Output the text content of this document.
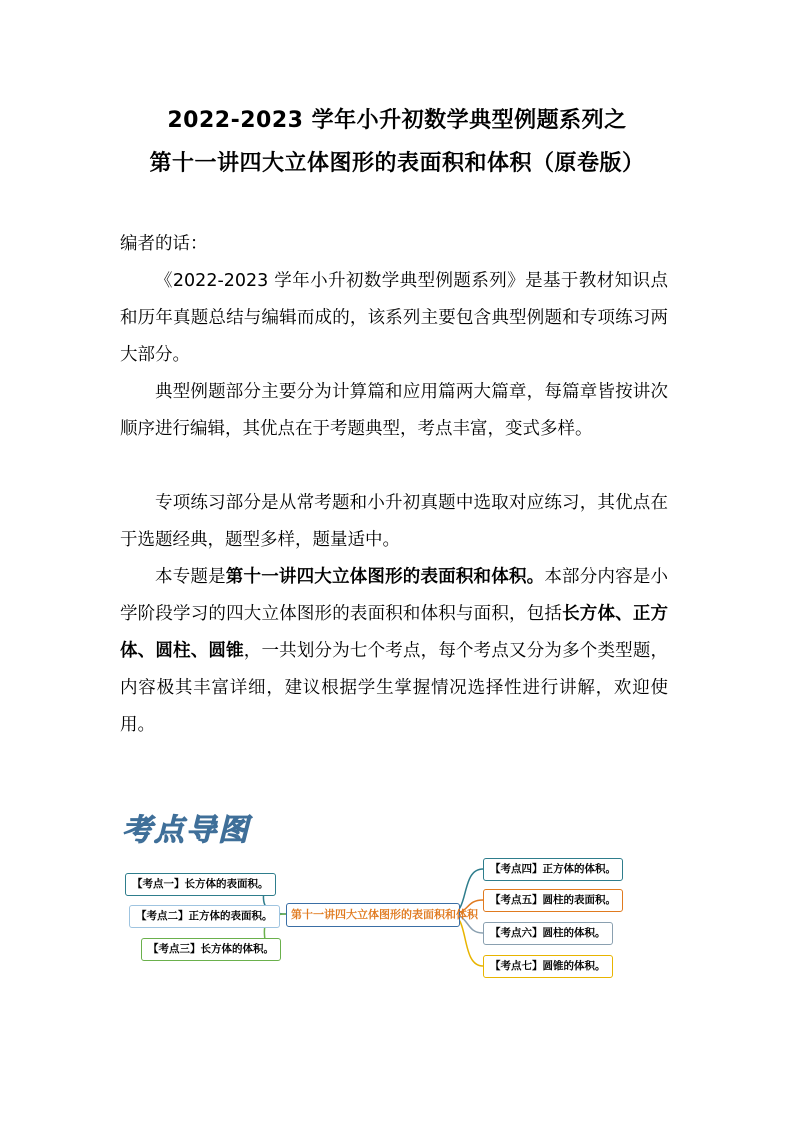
2022-2023 学年小升初数学典型例题系列之
第十一讲四大立体图形的表面积和体积（原卷版）

编者的话：

《2022-2023 学年小升初数学典型例题系列》是基于教材知识点和历年真题总结与编辑而成的，该系列主要包含典型例题和专项练习两大部分。

典型例题部分主要分为计算篇和应用篇两大篇章，每篇章皆按讲次顺序进行编辑，其优点在于考题典型，考点丰富，变式多样。

专项练习部分是从常考题和小升初真题中选取对应练习，其优点在于选题经典，题型多样，题量适中。

本专题是第十一讲四大立体图形的表面积和体积。本部分内容是小学阶段学习的四大立体图形的表面积和体积与面积，包括长方体、正方体、圆柱、圆锥，一共划分为七个考点，每个考点又分为多个类型题，内容极其丰富详细，建议根据学生掌握情况选择性进行讲解，欢迎使用。

考点导图
第十一讲四大立体图形的表面积和体积
【考点一】长方体的表面积。
【考点二】正方体的表面积。
【考点三】长方体的体积。
【考点四】正方体的体积。
【考点五】圆柱的表面积。
【考点六】圆柱的体积。
【考点七】圆锥的体积。
